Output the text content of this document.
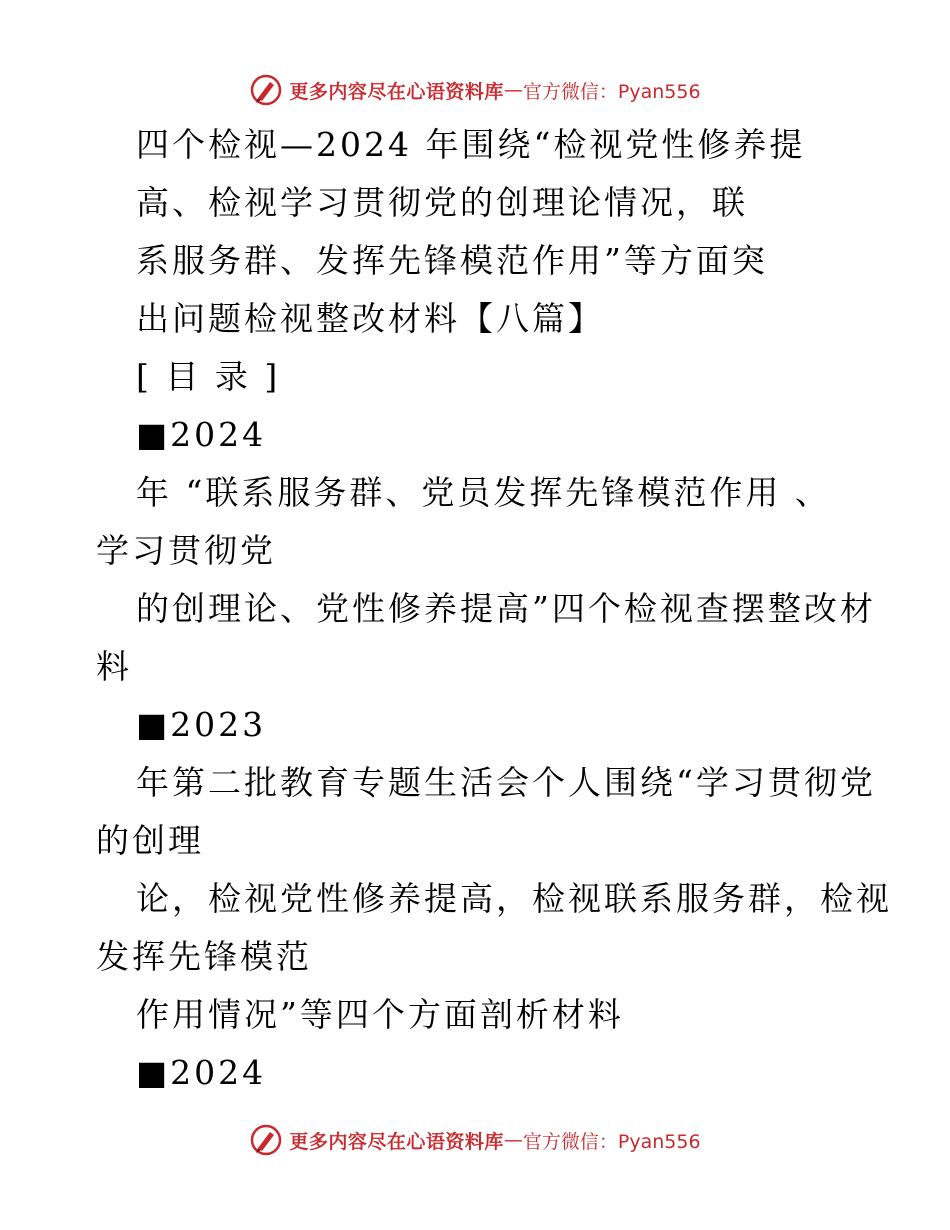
更多内容尽在心语资料库 — 官方微信：Pyan556
四个检视—2024 年围绕“检视党性修养提
高、检视学习贯彻党的创理论情况，联
系服务群、发挥先锋模范作用”等方面突
出问题检视整改材料【八篇】
[ 目 录 ]
■2024
年 “联系服务群、党员发挥先锋模范作用 、
学习贯彻党
的创理论、党性修养提高”四个检视查摆整改材
料
■2023
年第二批教育专题生活会个人围绕“学习贯彻党
的创理
论，检视党性修养提高，检视联系服务群，检视
发挥先锋模范
作用情况”等四个方面剖析材料
■2024
更多内容尽在心语资料库 — 官方微信：Pyan556
